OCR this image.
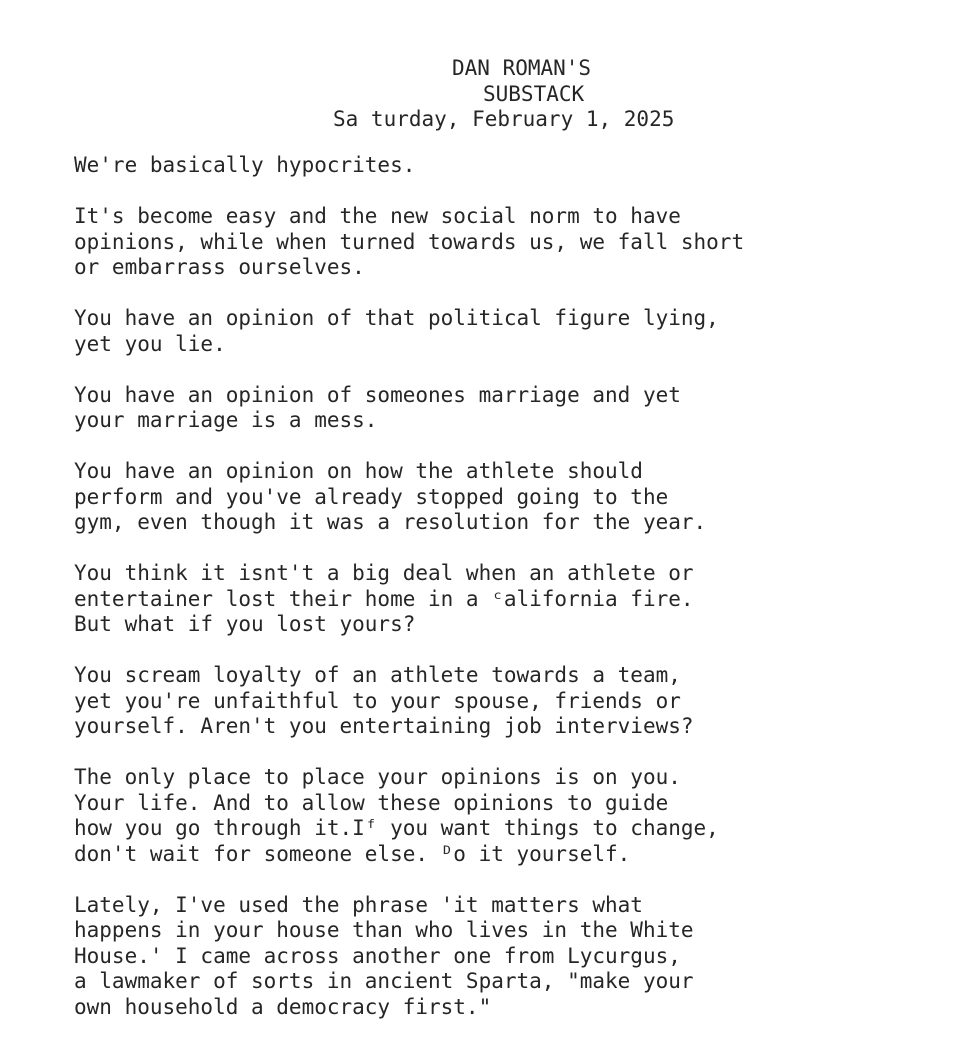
DAN ROMAN'S
SUBSTACK
Sa turday, February 1, 2025
We're basically hypocrites.
It's become easy and the new social norm to have
opinions, while when turned towards us, we fall short
or embarrass ourselves.
You have an opinion of that political figure lying,
yet you lie.
You have an opinion of someones marriage and yet
your marriage is a mess.
You have an opinion on how the athlete should
perform and you've already stopped going to the
gym, even though it was a resolution for the year.
You think it isnt't a big deal when an athlete or
entertainer lost their home in a ᶜalifornia fire.
But what if you lost yours?
You scream loyalty of an athlete towards a team,
yet you're unfaithful to your spouse, friends or
yourself. Aren't you entertaining job interviews?
The only place to place your opinions is on you.
Your life. And to allow these opinions to guide
how you go through it.Iᶠ you want things to change,
don't wait for someone else. ᴰo it yourself.
Lately, I've used the phrase 'it matters what
happens in your house than who lives in the White
House.' I came across another one from Lycurgus,
a lawmaker of sorts in ancient Sparta, "make your
own household a democracy first."
